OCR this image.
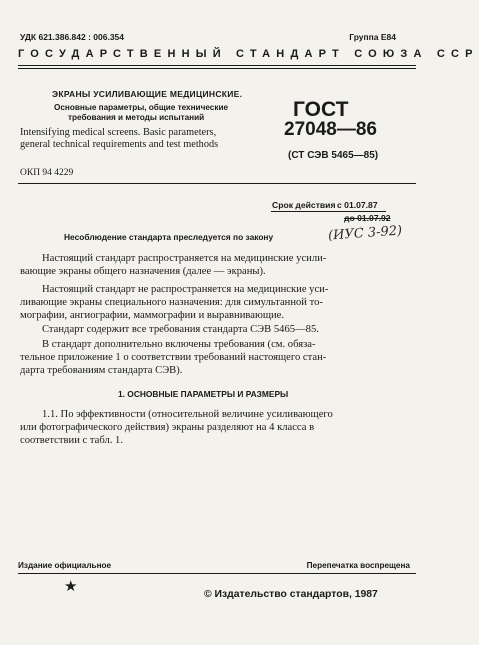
УДК 621.386.842 : 006.354	Группа Е84
ГОСУДАРСТВЕННЫЙ СТАНДАРТ СОЮЗА ССР
ЭКРАНЫ УСИЛИВАЮЩИЕ МЕДИЦИНСКИЕ.
Основные параметры, общие технические
требования и методы испытаний
Intensifying medical screens. Basic parameters,
general technical requirements and test methods
ГОСТ
27048—86
(СТ СЭВ 5465—85)
ОКП 94 4229
Срок действия с 01.07.87
до 01.07.92
Несоблюдение стандарта преследуется по закону	(ИУС 3-92)
Настоящий стандарт распространяется на медицинские усили-
вающие экраны общего назначения (далее — экраны).
Настоящий стандарт не распространяется на медицинские уси-
ливающие экраны специального назначения: для симультанной то-
мографии, ангиографии, маммографии и выравнивающие.
Стандарт содержит все требования стандарта СЭВ 5465—85.
В стандарт дополнительно включены требования (см. обяза-
тельное приложение 1 о соответствии требований настоящего стан-
дарта требованиям стандарта СЭВ).
1. ОСНОВНЫЕ ПАРАМЕТРЫ И РАЗМЕРЫ
1.1. По эффективности (относительной величине усиливающего
или фотографического действия) экраны разделяют на 4 класса в
соответствии с табл. 1.
Издание официальное	Перепечатка воспрещена
★	© Издательство стандартов, 1987
